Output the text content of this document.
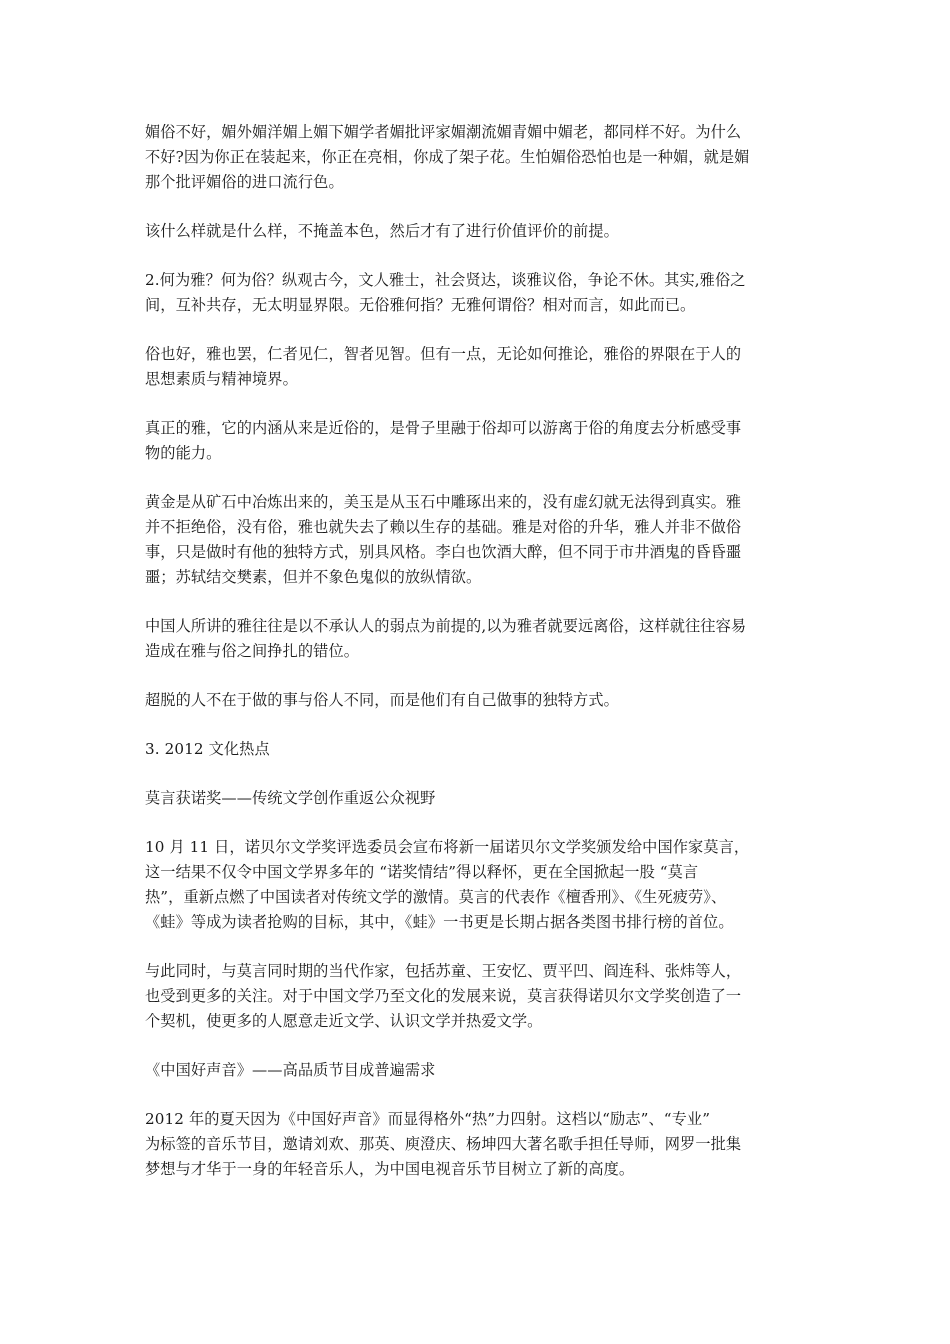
媚俗不好，媚外媚洋媚上媚下媚学者媚批评家媚潮流媚青媚中媚老，都同样不好。为什么
不好?因为你正在装起来，你正在亮相，你成了架子花。生怕媚俗恐怕也是一种媚，就是媚
那个批评媚俗的进口流行色。

该什么样就是什么样，不掩盖本色，然后才有了进行价值评价的前提。

2.何为雅？何为俗？纵观古今，文人雅士，社会贤达，谈雅议俗，争论不休。其实,雅俗之
间，互补共存，无太明显界限。无俗雅何指？无雅何谓俗？相对而言，如此而已。

俗也好，雅也罢，仁者见仁，智者见智。但有一点，无论如何推论，雅俗的界限在于人的
思想素质与精神境界。

真正的雅，它的内涵从来是近俗的，是骨子里融于俗却可以游离于俗的角度去分析感受事
物的能力。

黄金是从矿石中冶炼出来的，美玉是从玉石中雕琢出来的，没有虚幻就无法得到真实。雅
并不拒绝俗，没有俗，雅也就失去了赖以生存的基础。雅是对俗的升华，雅人并非不做俗
事，只是做时有他的独特方式，别具风格。李白也饮酒大醉，但不同于市井酒鬼的昏昏噩
噩；苏轼结交樊素，但并不象色鬼似的放纵情欲。

中国人所讲的雅往往是以不承认人的弱点为前提的,以为雅者就要远离俗，这样就往往容易
造成在雅与俗之间挣扎的错位。

超脱的人不在于做的事与俗人不同，而是他们有自己做事的独特方式。

3. 2012 文化热点

莫言获诺奖——传统文学创作重返公众视野

10 月 11 日，诺贝尔文学奖评选委员会宣布将新一届诺贝尔文学奖颁发给中国作家莫言，
这一结果不仅令中国文学界多年的 “诺奖情结”得以释怀，更在全国掀起一股 “莫言
热”，重新点燃了中国读者对传统文学的激情。莫言的代表作《檀香刑》、《生死疲劳》、
《蛙》等成为读者抢购的目标，其中，《蛙》一书更是长期占据各类图书排行榜的首位。

与此同时，与莫言同时期的当代作家，包括苏童、王安忆、贾平凹、阎连科、张炜等人，
也受到更多的关注。对于中国文学乃至文化的发展来说，莫言获得诺贝尔文学奖创造了一
个契机，使更多的人愿意走近文学、认识文学并热爱文学。

《中国好声音》——高品质节目成普遍需求

2012 年的夏天因为《中国好声音》而显得格外“热”力四射。这档以“励志”、“专业”
为标签的音乐节目，邀请刘欢、那英、庾澄庆、杨坤四大著名歌手担任导师，网罗一批集
梦想与才华于一身的年轻音乐人，为中国电视音乐节目树立了新的高度。
